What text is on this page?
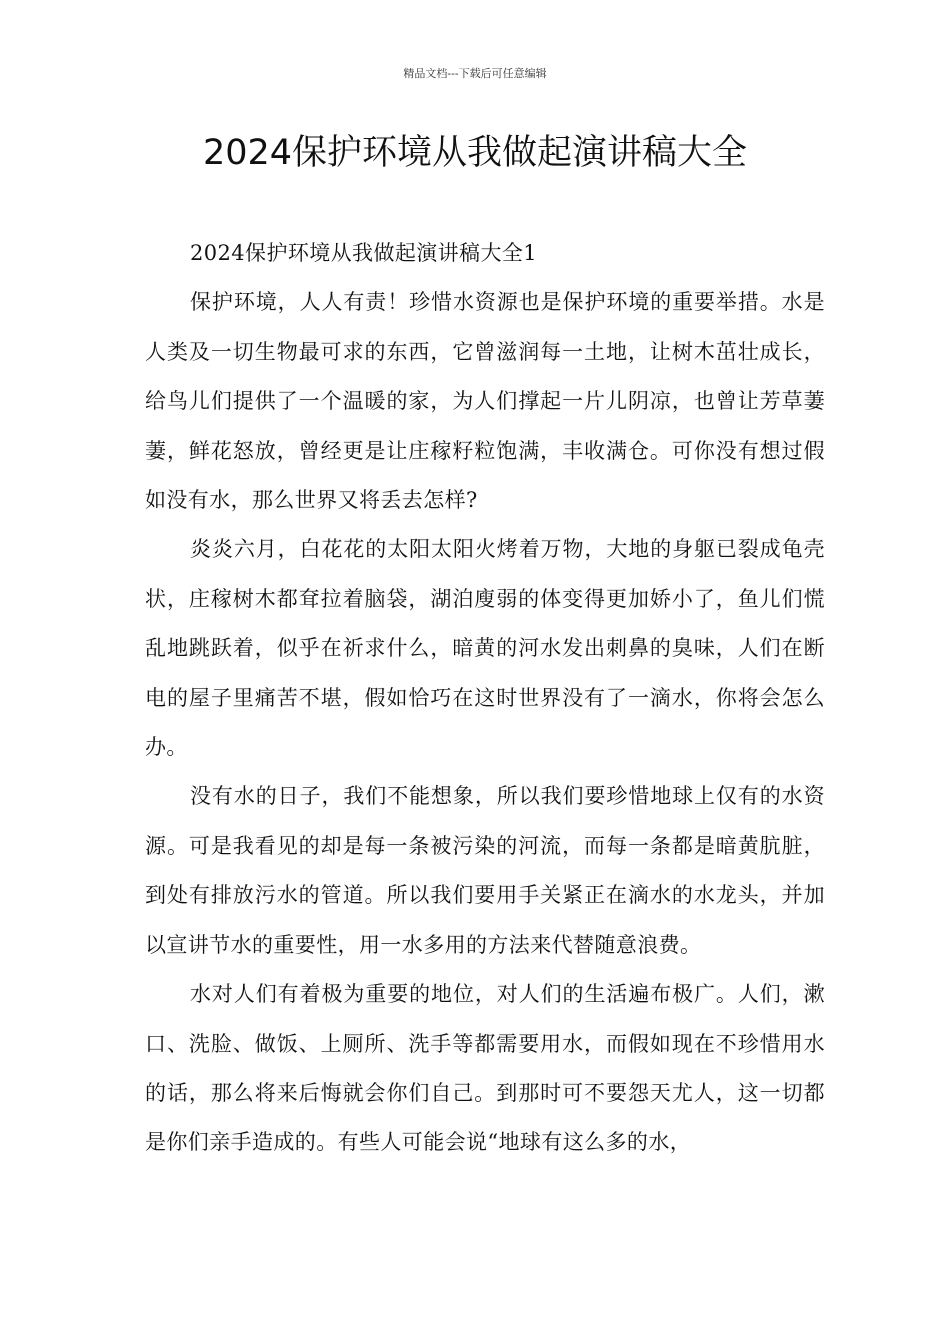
精品文档---下载后可任意编辑
2024保护环境从我做起演讲稿大全

2024保护环境从我做起演讲稿大全1

保护环境，人人有责！珍惜水资源也是保护环境的重要举措。水是人类及一切生物最可求的东西，它曾滋润每一土地，让树木茁壮成长，给鸟儿们提供了一个温暖的家，为人们撑起一片儿阴凉，也曾让芳草萋萋，鲜花怒放，曾经更是让庄稼籽粒饱满，丰收满仓。可你没有想过假如没有水，那么世界又将丢去怎样?

炎炎六月，白花花的太阳太阳火烤着万物，大地的身躯已裂成龟壳状，庄稼树木都耷拉着脑袋，湖泊廋弱的体变得更加娇小了，鱼儿们慌乱地跳跃着，似乎在祈求什么，暗黄的河水发出刺鼻的臭味，人们在断电的屋子里痛苦不堪，假如恰巧在这时世界没有了一滴水，你将会怎么办。

没有水的日子，我们不能想象，所以我们要珍惜地球上仅有的水资源。可是我看见的却是每一条被污染的河流，而每一条都是暗黄肮脏，到处有排放污水的管道。所以我们要用手关紧正在滴水的水龙头，并加以宣讲节水的重要性，用一水多用的方法来代替随意浪费。

水对人们有着极为重要的地位，对人们的生活遍布极广。人们，漱口、洗脸、做饭、上厕所、洗手等都需要用水，而假如现在不珍惜用水的话，那么将来后悔就会你们自己。到那时可不要怨天尤人，这一切都是你们亲手造成的。有些人可能会说“地球有这么多的水，
